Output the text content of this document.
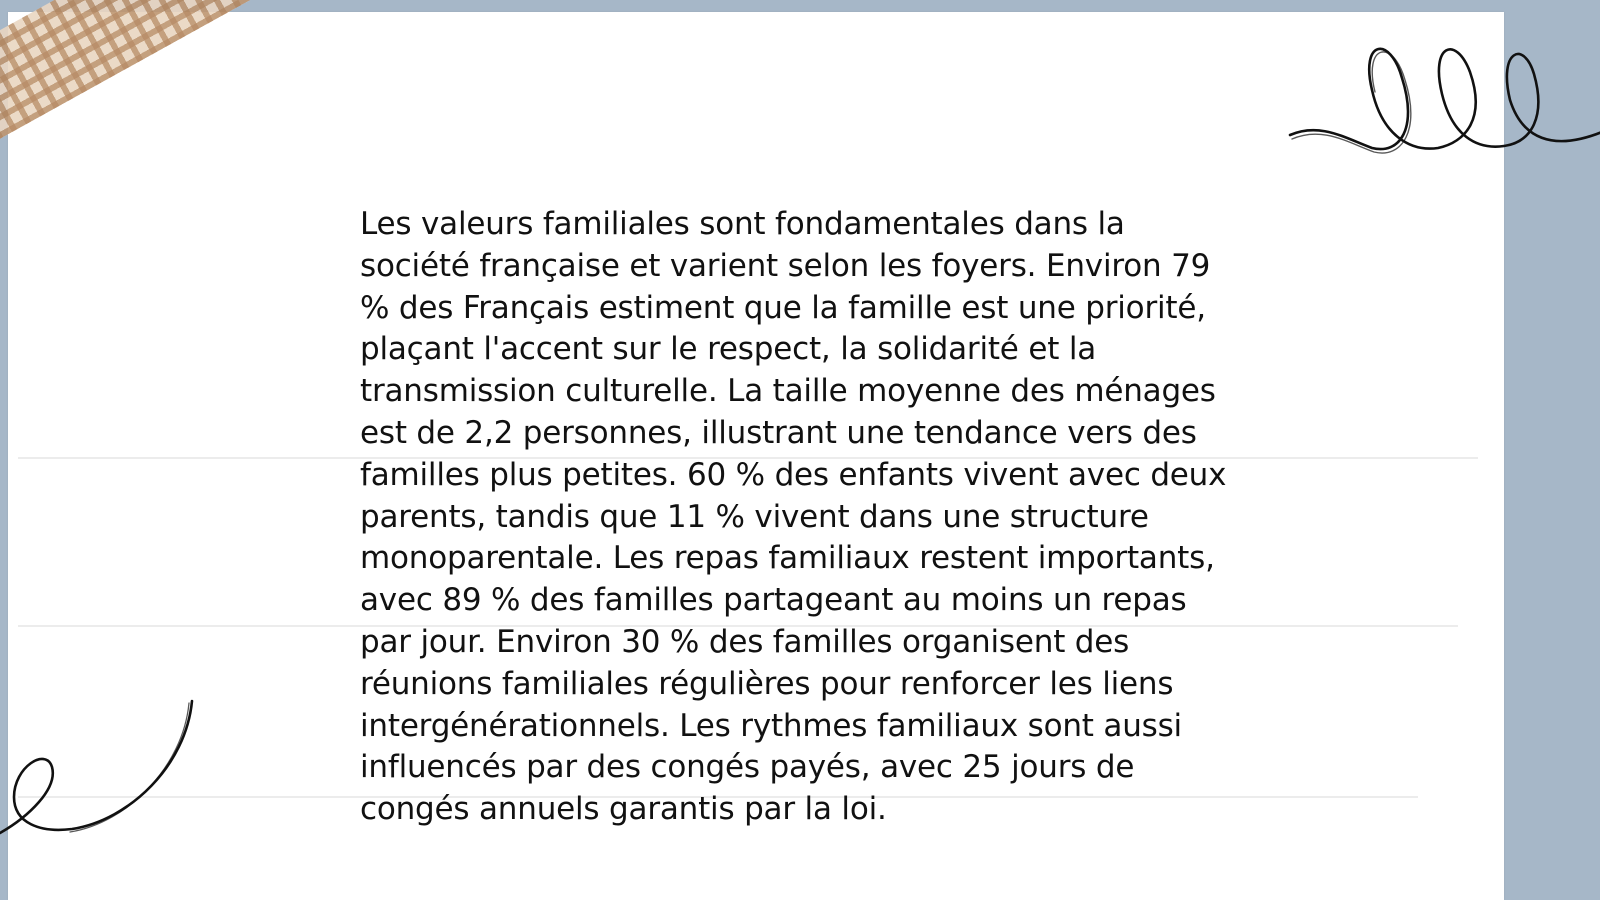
Les valeurs familiales sont fondamentales dans la société française et varient selon les foyers. Environ 79 % des Français estiment que la famille est une priorité, plaçant l'accent sur le respect, la solidarité et la transmission culturelle. La taille moyenne des ménages est de 2,2 personnes, illustrant une tendance vers des familles plus petites. 60 % des enfants vivent avec deux parents, tandis que 11 % vivent dans une structure monoparentale. Les repas familiaux restent importants, avec 89 % des familles partageant au moins un repas par jour. Environ 30 % des familles organisent des réunions familiales régulières pour renforcer les liens intergénérationnels. Les rythmes familiaux sont aussi influencés par des congés payés, avec 25 jours de congés annuels garantis par la loi.
